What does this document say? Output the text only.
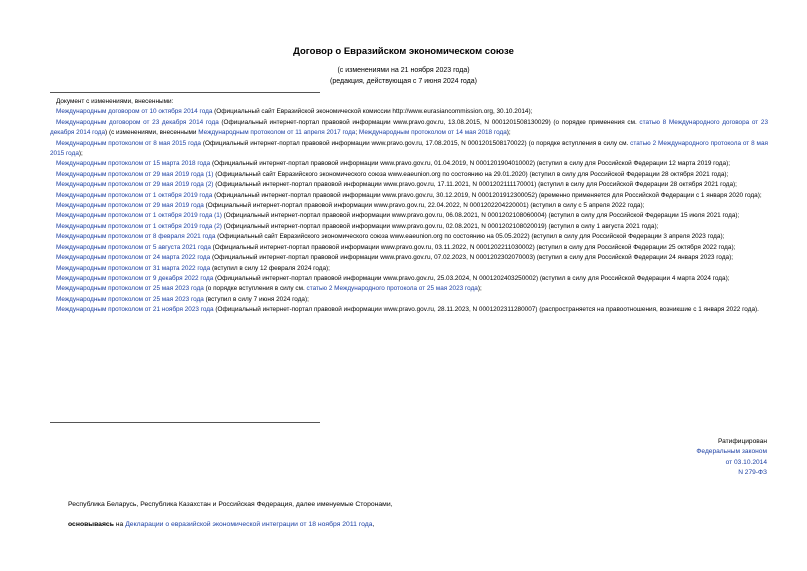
Договор о Евразийском экономическом союзе
(с изменениями на 21 ноября 2023 года)
(редакция, действующая с 7 июня 2024 года)

Документ с изменениями, внесенными:

Международным договором от 10 октября 2014 года (Официальный сайт Евразийской экономической комиссии http://www.eurasiancommission.org, 30.10.2014);

Международным договором от 23 декабря 2014 года (Официальный интернет-портал правовой информации www.pravo.gov.ru, 13.08.2015, N 0001201508130029) (о порядке применения см. статью 8 Международного договора от 23 декабря 2014 года) (с изменениями, внесенными Международным протоколом от 11 апреля 2017 года; Международным протоколом от 14 мая 2018 года);

Международным протоколом от 8 мая 2015 года (Официальный интернет-портал правовой информации www.pravo.gov.ru, 17.08.2015, N 0001201508170022) (о порядке вступления в силу см. статью 2 Международного протокола от 8 мая 2015 года);

Международным протоколом от 15 марта 2018 года (Официальный интернет-портал правовой информации www.pravo.gov.ru, 01.04.2019, N 0001201904010002) (вступил в силу для Российской Федерации 12 марта 2019 года);

Международным протоколом от 29 мая 2019 года (1) (Официальный сайт Евразийского экономического союза www.eaeunion.org по состоянию на 29.01.2020) (вступил в силу для Российской Федерации 28 октября 2021 года);

Международным протоколом от 29 мая 2019 года (2) (Официальный интернет-портал правовой информации www.pravo.gov.ru, 17.11.2021, N 0001202111170001) (вступил в силу для Российской Федерации 28 октября 2021 года);

Международным протоколом от 1 октября 2019 года (Официальный интернет-портал правовой информации www.pravo.gov.ru, 30.12.2019, N 0001201912300052) (временно применяется для Российской Федерации с 1 января 2020 года);

Международным протоколом от 29 мая 2019 года (Официальный интернет-портал правовой информации www.pravo.gov.ru, 22.04.2022, N 0001202204220001) (вступил в силу с 5 апреля 2022 года);

Международным протоколом от 1 октября 2019 года (1) (Официальный интернет-портал правовой информации www.pravo.gov.ru, 06.08.2021, N 0001202108060004) (вступил в силу для Российской Федерации 15 июля 2021 года);

Международным протоколом от 1 октября 2019 года (2) (Официальный интернет-портал правовой информации www.pravo.gov.ru, 02.08.2021, N 0001202108020019) (вступил в силу 1 августа 2021 года);

Международным протоколом от 8 февраля 2021 года (Официальный сайт Евразийского экономического союза www.eaeunion.org по состоянию на 05.05.2022) (вступил в силу для Российской Федерации 3 апреля 2023 года);

Международным протоколом от 5 августа 2021 года (Официальный интернет-портал правовой информации www.pravo.gov.ru, 03.11.2022, N 0001202211030002) (вступил в силу для Российской Федерации 25 октября 2022 года);

Международным протоколом от 24 марта 2022 года (Официальный интернет-портал правовой информации www.pravo.gov.ru, 07.02.2023, N 0001202302070003) (вступил в силу для Российской Федерации 24 января 2023 года);

Международным протоколом от 31 марта 2022 года (вступил в силу 12 февраля 2024 года);

Международным протоколом от 9 декабря 2022 года (Официальный интернет-портал правовой информации www.pravo.gov.ru, 25.03.2024, N 0001202403250002) (вступил в силу для Российской Федерации 4 марта 2024 года);

Международным протоколом от 25 мая 2023 года (о порядке вступления в силу см. статью 2 Международного протокола от 25 мая 2023 года);

Международным протоколом от 25 мая 2023 года (вступил в силу 7 июня 2024 года);

Международным протоколом от 21 ноября 2023 года (Официальный интернет-портал правовой информации www.pravo.gov.ru, 28.11.2023, N 0001202311280007) (распространяется на правоотношения, возникшие с 1 января 2022 года).

Ратифицирован
Федеральным законом
от 03.10.2014
N 279-ФЗ
Республика Беларусь, Республика Казахстан и Российская Федерация, далее именуемые Сторонами,
основываясь на Декларации о евразийской экономической интеграции от 18 ноября 2011 года,
